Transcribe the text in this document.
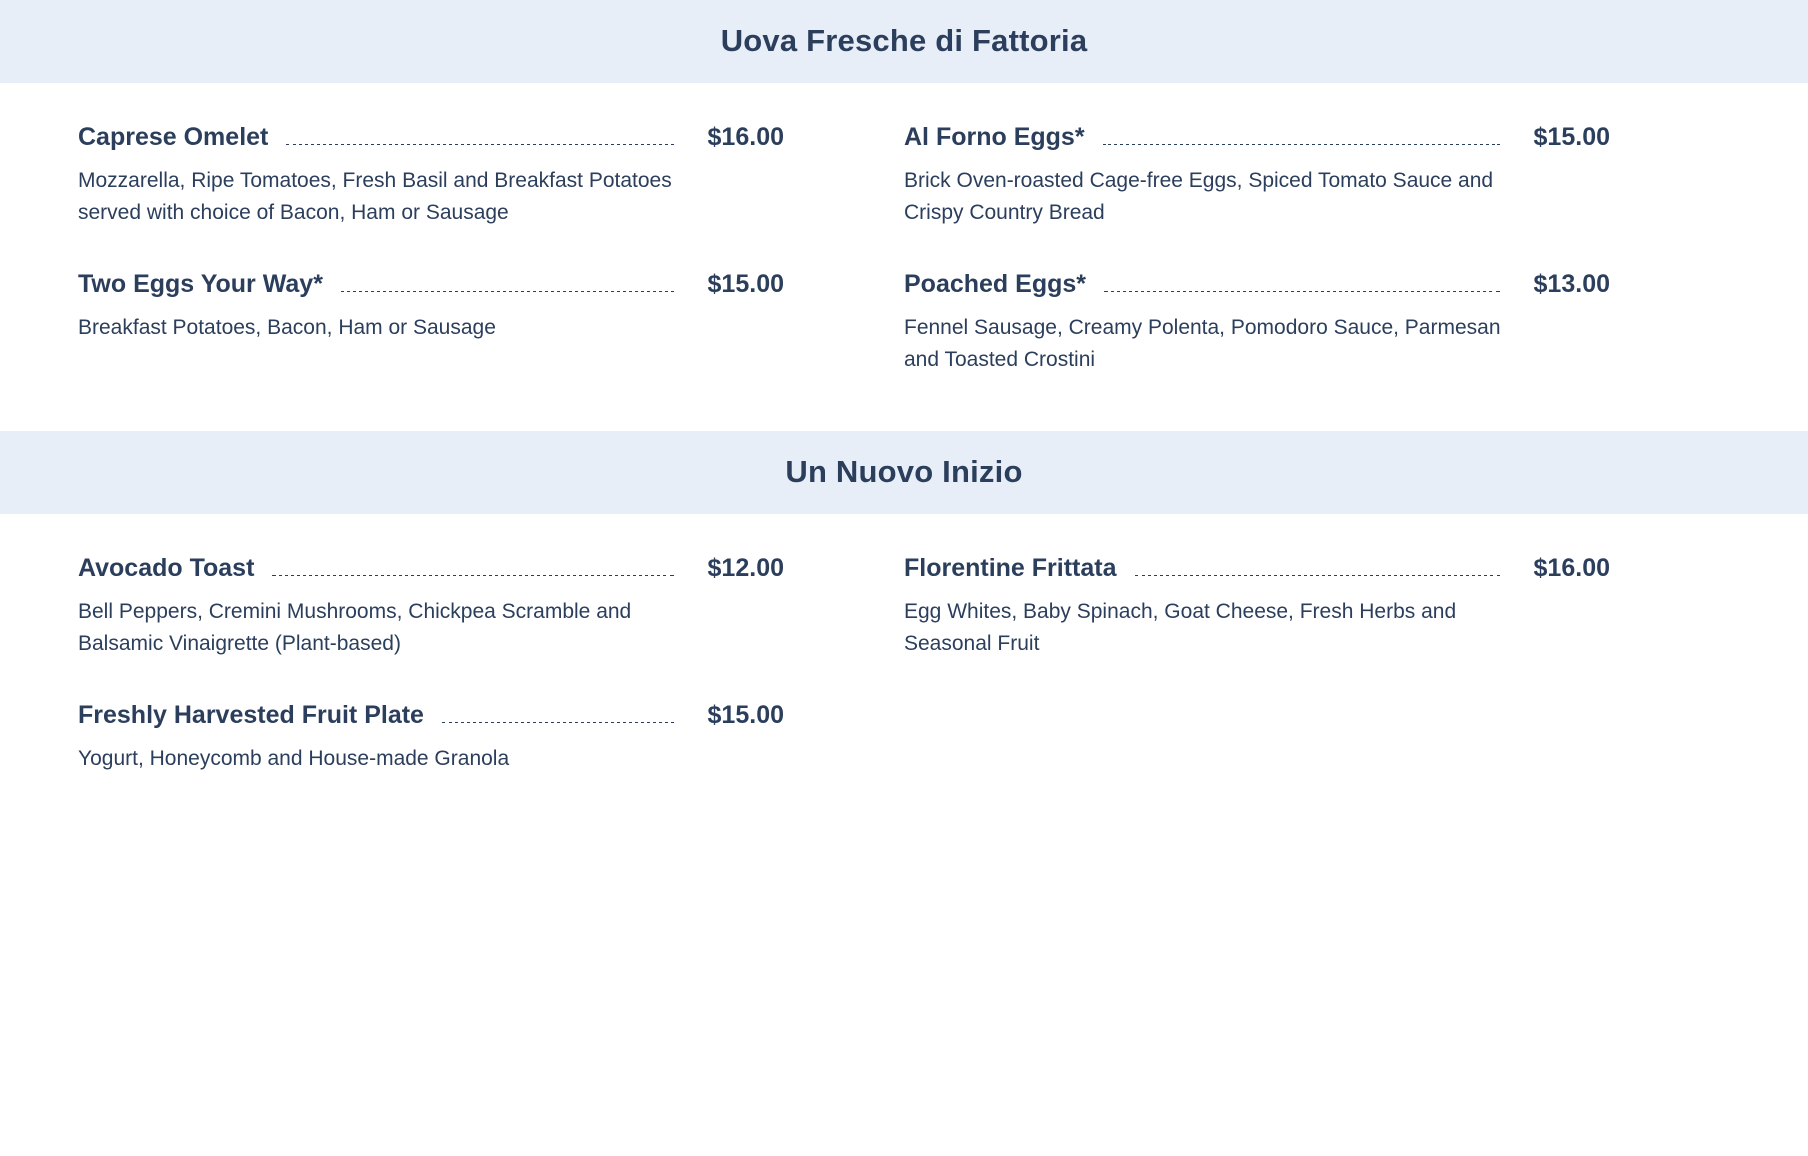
Uova Fresche di Fattoria
Caprese Omelet	$16.00
Mozzarella, Ripe Tomatoes, Fresh Basil and Breakfast Potatoes served with choice of Bacon, Ham or Sausage
Al Forno Eggs*	$15.00
Brick Oven-roasted Cage-free Eggs, Spiced Tomato Sauce and Crispy Country Bread
Two Eggs Your Way*	$15.00
Breakfast Potatoes, Bacon, Ham or Sausage
Poached Eggs*	$13.00
Fennel Sausage, Creamy Polenta, Pomodoro Sauce, Parmesan and Toasted Crostini
Un Nuovo Inizio
Avocado Toast	$12.00
Bell Peppers, Cremini Mushrooms, Chickpea Scramble and Balsamic Vinaigrette (Plant-based)
Florentine Frittata	$16.00
Egg Whites, Baby Spinach, Goat Cheese, Fresh Herbs and Seasonal Fruit
Freshly Harvested Fruit Plate	$15.00
Yogurt, Honeycomb and House-made Granola
